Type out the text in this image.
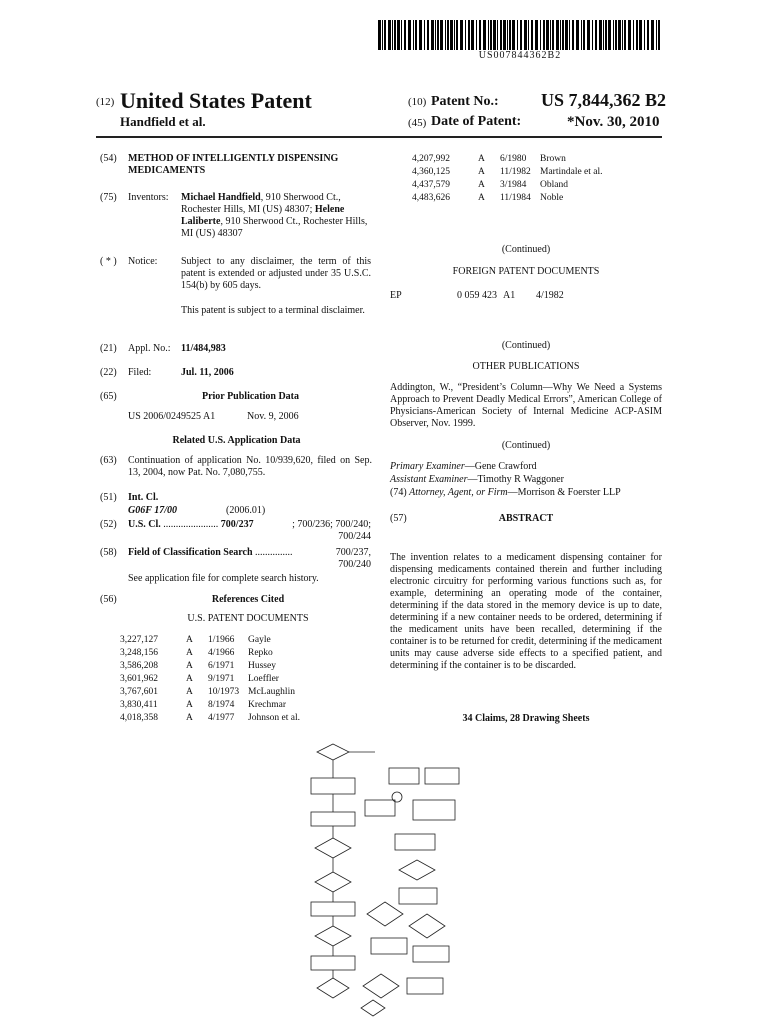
US007844362B2
(12) United States Patent
Handfield et al.
(10) Patent No.: US 7,844,362 B2
(45) Date of Patent:	*Nov. 30, 2010
(54) METHOD OF INTELLIGENTLY DISPENSING MEDICAMENTS
(75) Inventors: Michael Handfield, 910 Sherwood Ct., Rochester Hills, MI (US) 48307; Helene Laliberte, 910 Sherwood Ct., Rochester Hills, MI (US) 48307
( * ) Notice: Subject to any disclaimer, the term of this patent is extended or adjusted under 35 U.S.C. 154(b) by 605 days.
This patent is subject to a terminal disclaimer.
(21) Appl. No.: 11/484,983
(22) Filed:	Jul. 11, 2006
(65)	Prior Publication Data
US 2006/0249525 A1	Nov. 9, 2006
Related U.S. Application Data
(63) Continuation of application No. 10/939,620, filed on Sep. 13, 2004, now Pat. No. 7,080,755.
(51) Int. Cl.
G06F 17/00	(2006.01)
(52) U.S. Cl. ...................... 700/237	; 700/236; 700/240; 700/244
(58) Field of Classification Search ...............	700/237, 700/240
See application file for complete search history.
(56)	References Cited
U.S. PATENT DOCUMENTS
3,227,127	A	1/1966	Gayle
3,248,156	A	4/1966	Repko
3,586,208	A	6/1971	Hussey
3,601,962	A	9/1971	Loeffler
3,767,601	A	10/1973	McLaughlin
3,830,411	A	8/1974	Krechmar
4,018,358	A	4/1977	Johnson et al.
4,207,992	A	6/1980	Brown
4,360,125	A	11/1982	Martindale et al.
4,437,579	A	3/1984	Obland
4,483,626	A	11/1984	Noble
(Continued)
FOREIGN PATENT DOCUMENTS
EP	0 059 423 A1 4/1982
(Continued)
OTHER PUBLICATIONS
Addington, W., “President’s Column—Why We Need a Systems Approach to Prevent Deadly Medical Errors”, American College of Physicians-American Society of Internal Medicine ACP-ASIM Observer, Nov. 1999.
(Continued)
Primary Examiner—Gene Crawford
Assistant Examiner—Timothy R Waggoner
(74) Attorney, Agent, or Firm—Morrison & Foerster LLP
(57)	ABSTRACT
The invention relates to a medicament dispensing container for dispensing medicaments contained therein and further including electronic circuitry for performing various functions such as, for example, determining an operating mode of the container, determining if the data stored in the memory device is up to date, determining if a new container needs to be ordered, determining if the medicament units have been recalled, determining if the container is to be returned for credit, determining if the medicament units may cause adverse side effects to a specified patient, and determining if the container is to be discarded.
34 Claims, 28 Drawing Sheets
